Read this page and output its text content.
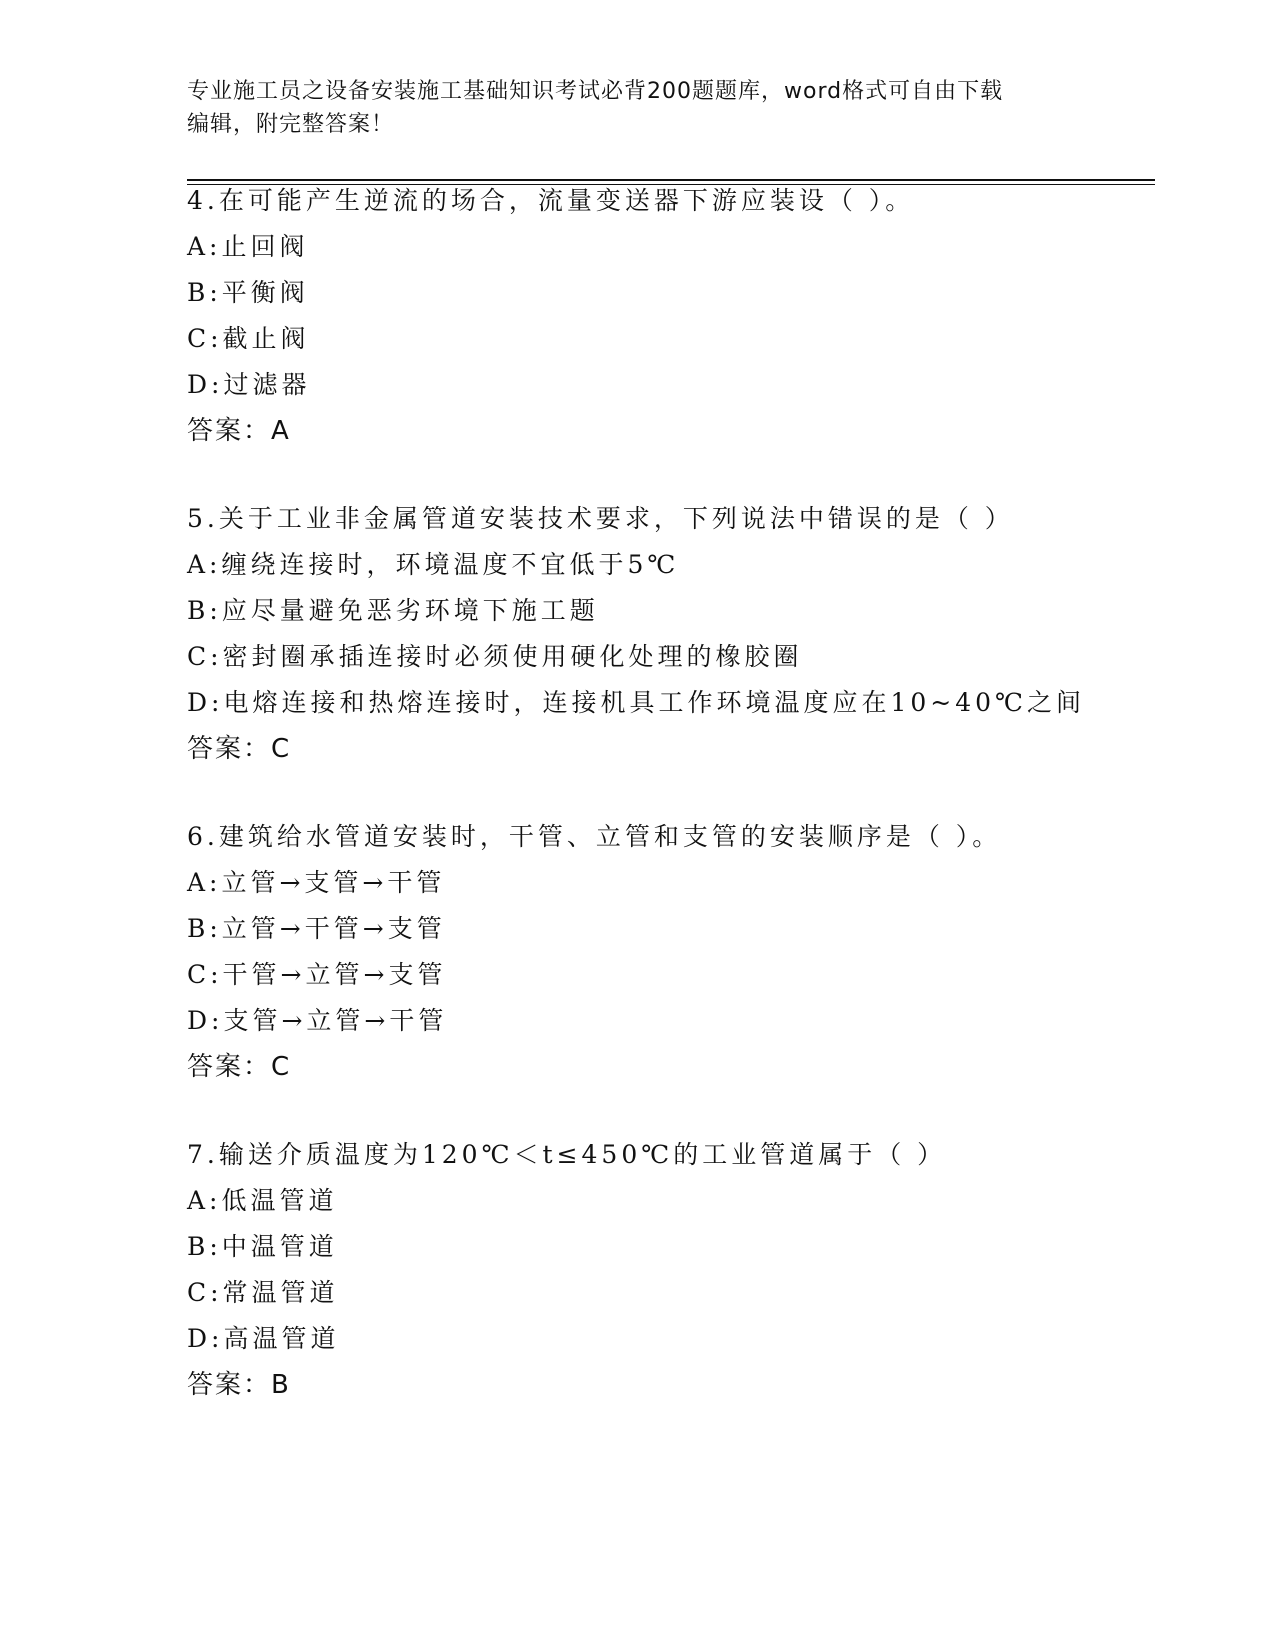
专业施工员之设备安装施工基础知识考试必背200题题库，word格式可自由下载
编辑，附完整答案！
4.在可能产生逆流的场合，流量变送器下游应装设（ ）。
A:止回阀
B:平衡阀
C:截止阀
D:过滤器
答案：A
5.关于工业非金属管道安装技术要求，下列说法中错误的是（ ）
A:缠绕连接时，环境温度不宜低于5℃
B:应尽量避免恶劣环境下施工题
C:密封圈承插连接时必须使用硬化处理的橡胶圈
D:电熔连接和热熔连接时，连接机具工作环境温度应在10~40℃之间
答案：C
6.建筑给水管道安装时，干管、立管和支管的安装顺序是（ ）。
A:立管→支管→干管
B:立管→干管→支管
C:干管→立管→支管
D:支管→立管→干管
答案：C
7.输送介质温度为120℃＜t≤450℃的工业管道属于（ ）
A:低温管道
B:中温管道
C:常温管道
D:高温管道
答案：B
